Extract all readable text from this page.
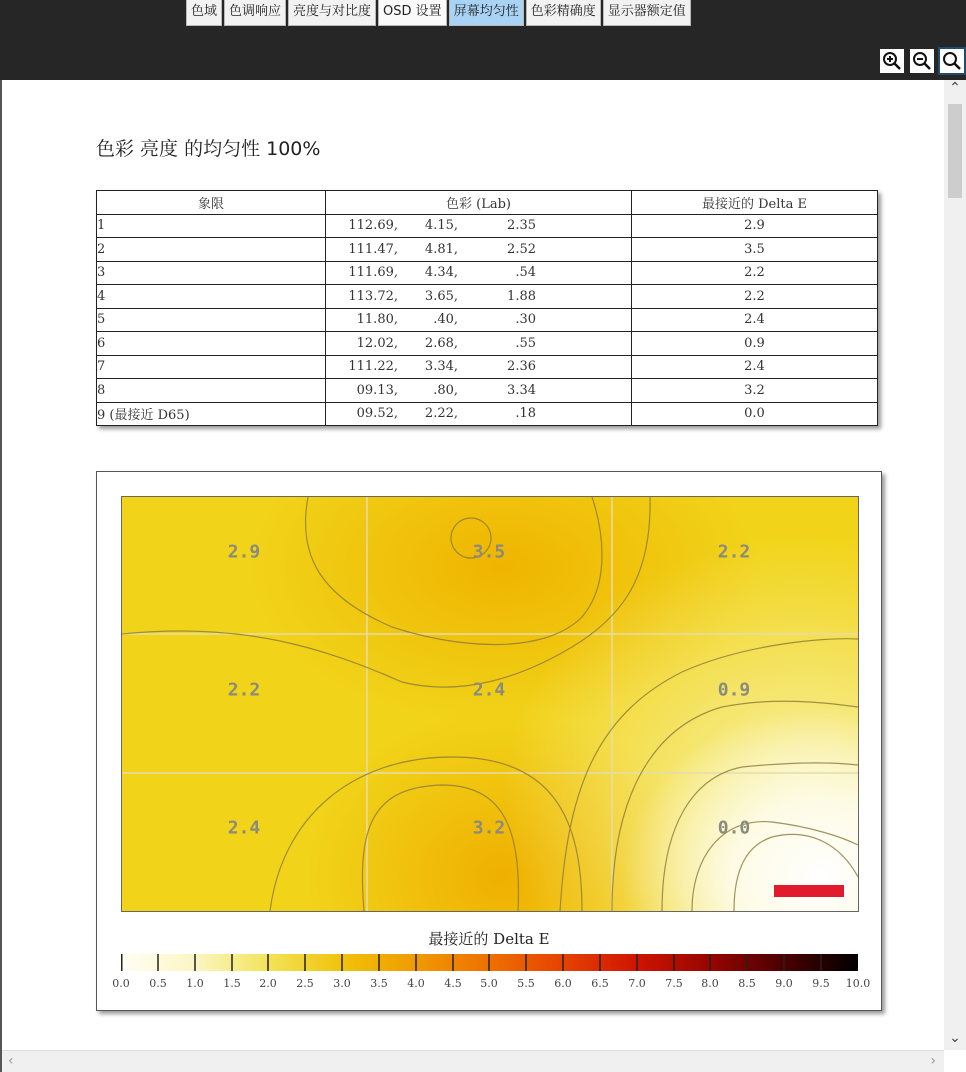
色域 色调响应 亮度与对比度 OSD 设置 屏幕均匀性 色彩精确度 显示器额定值
色彩 亮度 的均匀性 100%
象限	色彩 (Lab)	最接近的 Delta E
1	112.69, 4.15, 2.35	2.9
2	111.47, 4.81, 2.52	3.5
3	111.69, 4.34, .54	2.2
4	113.72, 3.65, 1.88	2.2
5	11.80, .40, .30	2.4
6	12.02, 2.68, .55	0.9
7	111.22, 3.34, 2.36	2.4
8	09.13, .80, 3.34	3.2
9 (最接近 D65)	09.52, 2.22, .18	0.0
2.9	3.5	2.2
2.2	2.4	0.9
2.4	3.2	0.0
最接近的 Delta E
0.0 0.5 1.0 1.5 2.0 2.5 3.0 3.5 4.0 4.5 5.0 5.5 6.0 6.5 7.0 7.5 8.0 8.5 9.0 9.5 10.0
⌃
⌄
‹	›
